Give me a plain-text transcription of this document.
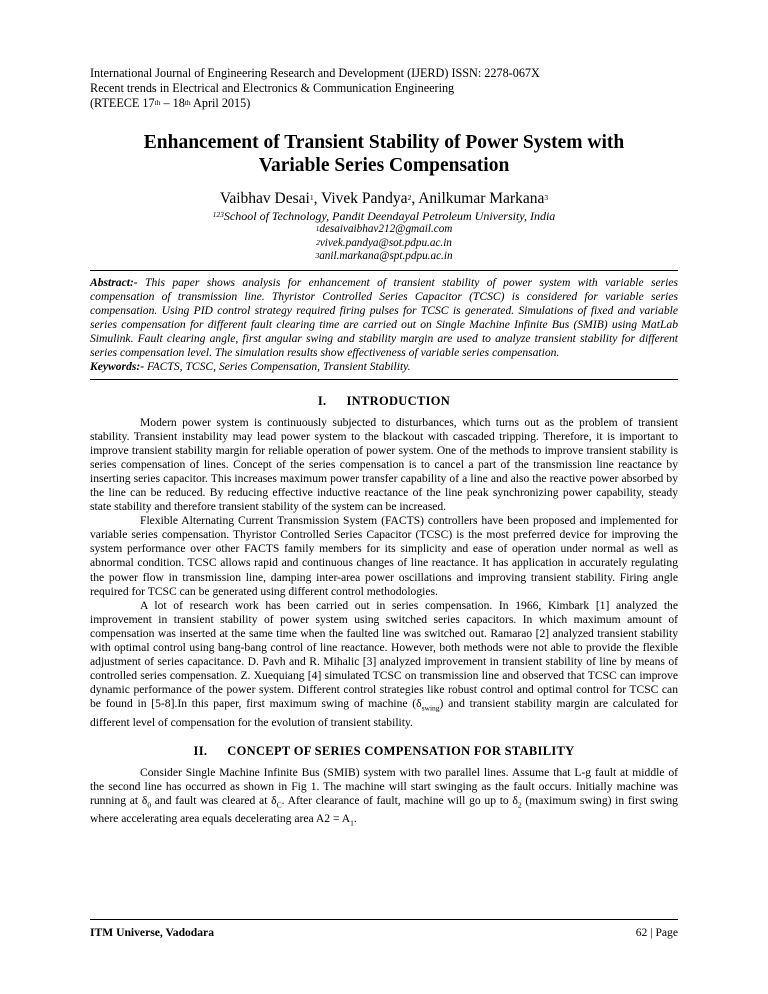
International Journal of Engineering Research and Development (IJERD) ISSN: 2278-067X
Recent trends in Electrical and Electronics & Communication Engineering
(RTEECE 17th – 18th April 2015)
Enhancement of Transient Stability of Power System with
Variable Series Compensation
Vaibhav Desai$^1$, Vivek Pandya$^2$, Anilkumar Markana$^3$
$^{123}$School of Technology, Pandit Deendayal Petroleum University, India
$^1$desaivaibhav212@gmail.com
$^2$vivek.pandya@sot.pdpu.ac.in
$^3$anil.markana@spt.pdpu.ac.in
Abstract:- This paper shows analysis for enhancement of transient stability of power system with variable series compensation of transmission line. Thyristor Controlled Series Capacitor (TCSC) is considered for variable series compensation. Using PID control strategy required firing pulses for TCSC is generated. Simulations of fixed and variable series compensation for different fault clearing time are carried out on Single Machine Infinite Bus (SMIB) using MatLab Simulink. Fault clearing angle, first angular swing and stability margin are used to analyze transient stability for different series compensation level. The simulation results show effectiveness of variable series compensation.
Keywords:- FACTS, TCSC, Series Compensation, Transient Stability.
I. INTRODUCTION

Modern power system is continuously subjected to disturbances, which turns out as the problem of transient stability. Transient instability may lead power system to the blackout with cascaded tripping. Therefore, it is important to improve transient stability margin for reliable operation of power system. One of the methods to improve transient stability is series compensation of lines. Concept of the series compensation is to cancel a part of the transmission line reactance by inserting series capacitor. This increases maximum power transfer capability of a line and also the reactive power absorbed by the line can be reduced. By reducing effective inductive reactance of the line peak synchronizing power capability, steady state stability and therefore transient stability of the system can be increased.

Flexible Alternating Current Transmission System (FACTS) controllers have been proposed and implemented for variable series compensation. Thyristor Controlled Series Capacitor (TCSC) is the most preferred device for improving the system performance over other FACTS family members for its simplicity and ease of operation under normal as well as abnormal condition. TCSC allows rapid and continuous changes of line reactance. It has application in accurately regulating the power flow in transmission line, damping inter-area power oscillations and improving transient stability. Firing angle required for TCSC can be generated using different control methodologies.

A lot of research work has been carried out in series compensation. In 1966, Kimbark [1] analyzed the improvement in transient stability of power system using switched series capacitors. In which maximum amount of compensation was inserted at the same time when the faulted line was switched out. Ramarao [2] analyzed transient stability with optimal control using bang-bang control of line reactance. However, both methods were not able to provide the flexible adjustment of series capacitance. D. Pavh and R. Mihalic [3] analyzed improvement in transient stability of line by means of controlled series compensation. Z. Xuequiang [4] simulated TCSC on transmission line and observed that TCSC can improve dynamic performance of the power system. Different control strategies like robust control and optimal control for TCSC can be found in [5-8].In this paper, first maximum swing of machine $(\delta_{swing})$ and transient stability margin are calculated for different level of compensation for the evolution of transient stability.

II. CONCEPT OF SERIES COMPENSATION FOR STABILITY

Consider Single Machine Infinite Bus (SMIB) system with two parallel lines. Assume that L-g fault at middle of the second line has occurred as shown in Fig 1. The machine will start swinging as the fault occurs. Initially machine was running at $\delta_0$ and fault was cleared at $\delta_C$. After clearance of fault, machine will go up to $\delta_2$ (maximum swing) in first swing where accelerating area equals decelerating area $A2 = A_1$.

ITM Universe, Vadodara	62 | Page
